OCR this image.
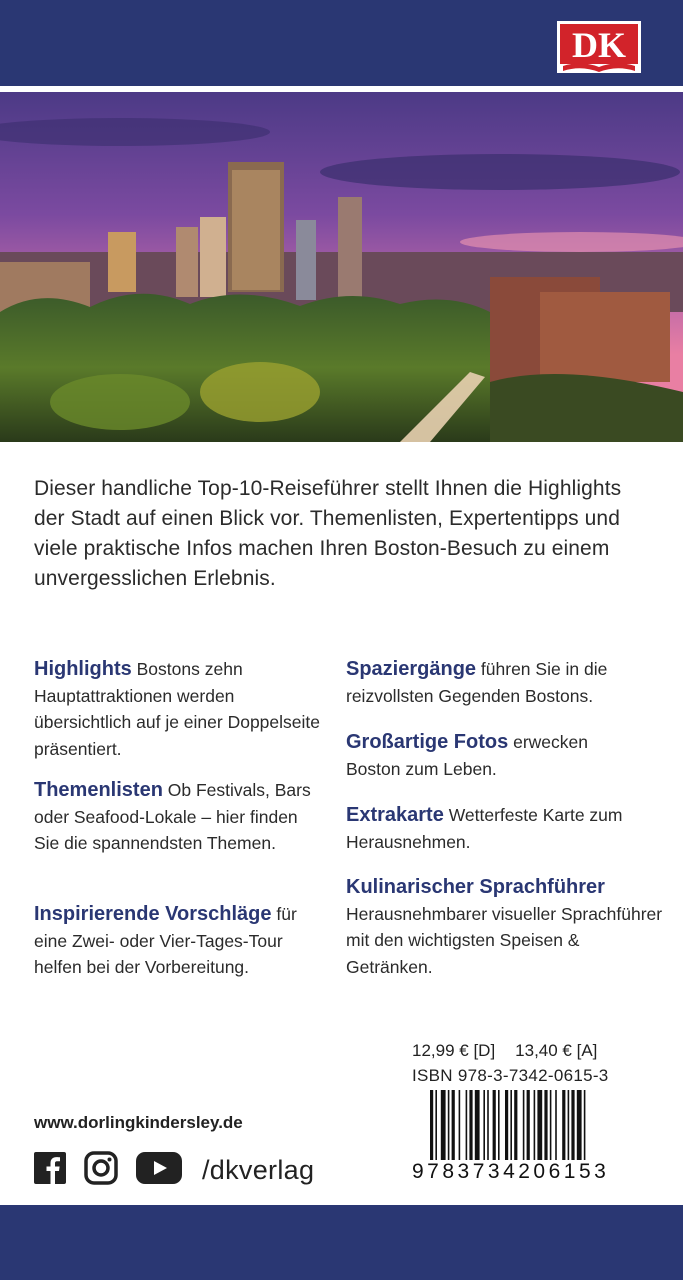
DK

Dieser handliche Top-10-Reiseführer stellt Ihnen die Highlights der Stadt auf einen Blick vor. Themenlisten, Expertentipps und viele praktische Infos machen Ihren Boston-Besuch zu einem unvergesslichen Erlebnis.

Highlights Bostons zehn Hauptattraktionen werden übersichtlich auf je einer Doppelseite präsentiert.

Themenlisten Ob Festivals, Bars oder Seafood-Lokale – hier finden Sie die spannendsten Themen.

Inspirierende Vorschläge für eine Zwei- oder Vier-Tages-Tour helfen bei der Vorbereitung.

Spaziergänge führen Sie in die reizvollsten Gegenden Bostons.

Großartige Fotos erwecken Boston zum Leben.

Extrakarte Wetterfeste Karte zum Herausnehmen.

Kulinarischer Sprachführer Herausnehmbarer visueller Sprachführer mit den wichtigsten Speisen & Getränken.

12,99 € [D] 13,40 € [A]
ISBN 978-3-7342-0615-3
9783734206153
www.dorlingkindersley.de
/dkverlag
